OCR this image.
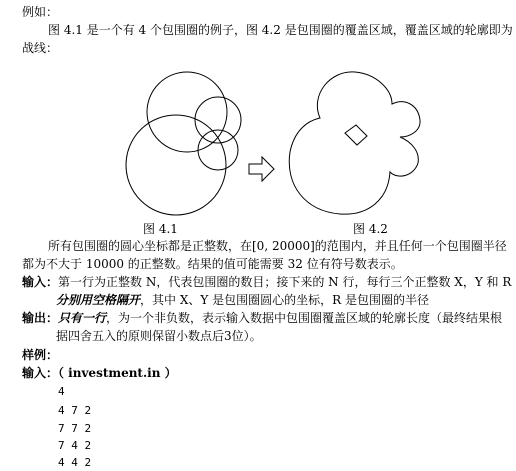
例如：
图 4.1 是一个有 4 个包围圈的例子，图 4.2 是包围圈的覆盖区域，覆盖区域的轮廓即为
战线：
图 4.1	图 4.2
所有包围圈的圆心坐标都是正整数，在[0, 20000]的范围内，并且任何一个包围圈半径
都为不大于 10000 的正整数。结果的值可能需要 32 位有符号数表示。
输入：第一行为正整数 N，代表包围圈的数目；接下来的 N 行，每行三个正整数 X，Y 和 R
分别用空格隔开，其中 X、Y 是包围圈圆心的坐标，R 是包围圈的半径
输出：只有一行，为一个非负数，表示输入数据中包围圈覆盖区域的轮廓长度（最终结果根
据四舍五入的原则保留小数点后3位）。
样例：
输入：（ investment.in ）
4
4 7 2
7 7 2
7 4 2
4 4 2
